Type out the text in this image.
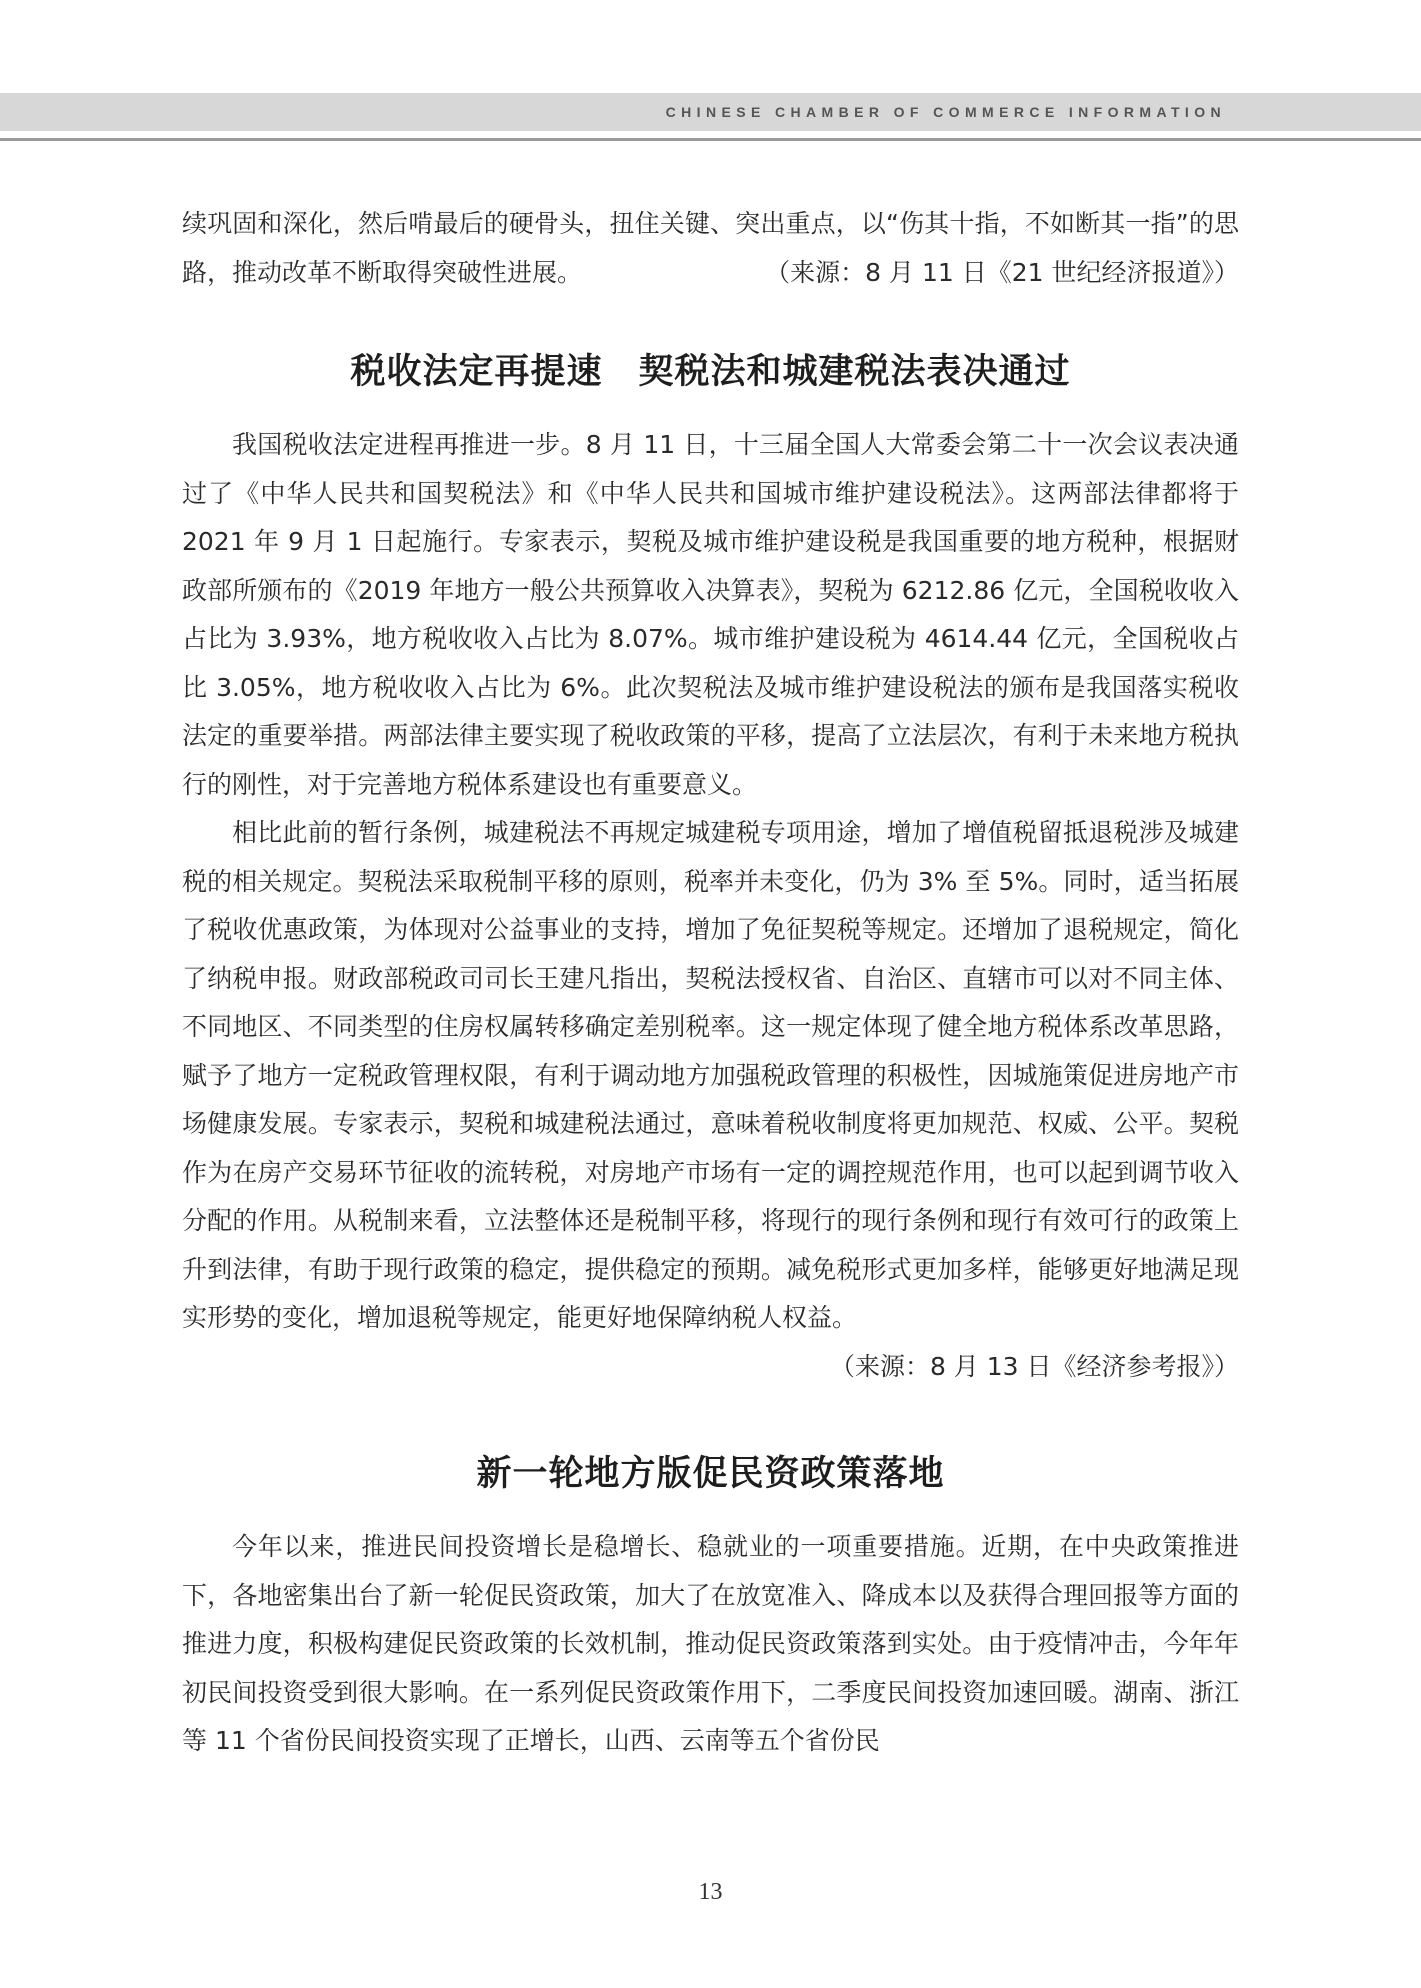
CHINESE CHAMBER OF COMMERCE INFORMATION

续巩固和深化，然后啃最后的硬骨头，扭住关键、突出重点，以“伤其十指，不如断其一指”的思路，推动改革不断取得突破性进展。	（来源：8 月 11 日《21 世纪经济报道》）

税收法定再提速　契税法和城建税法表决通过

我国税收法定进程再推进一步。8 月 11 日，十三届全国人大常委会第二十一次会议表决通过了《中华人民共和国契税法》和《中华人民共和国城市维护建设税法》。这两部法律都将于 2021 年 9 月 1 日起施行。专家表示，契税及城市维护建设税是我国重要的地方税种，根据财政部所颁布的《2019 年地方一般公共预算收入决算表》，契税为 6212.86 亿元，全国税收收入占比为 3.93%，地方税收收入占比为 8.07%。城市维护建设税为 4614.44 亿元，全国税收占比 3.05%，地方税收收入占比为 6%。此次契税法及城市维护建设税法的颁布是我国落实税收法定的重要举措。两部法律主要实现了税收政策的平移，提高了立法层次，有利于未来地方税执行的刚性，对于完善地方税体系建设也有重要意义。

相比此前的暂行条例，城建税法不再规定城建税专项用途，增加了增值税留抵退税涉及城建税的相关规定。契税法采取税制平移的原则，税率并未变化，仍为 3% 至 5%。同时，适当拓展了税收优惠政策，为体现对公益事业的支持，增加了免征契税等规定。还增加了退税规定，简化了纳税申报。财政部税政司司长王建凡指出，契税法授权省、自治区、直辖市可以对不同主体、不同地区、不同类型的住房权属转移确定差别税率。这一规定体现了健全地方税体系改革思路，赋予了地方一定税政管理权限，有利于调动地方加强税政管理的积极性，因城施策促进房地产市场健康发展。专家表示，契税和城建税法通过，意味着税收制度将更加规范、权威、公平。契税作为在房产交易环节征收的流转税，对房地产市场有一定的调控规范作用，也可以起到调节收入分配的作用。从税制来看，立法整体还是税制平移，将现行的现行条例和现行有效可行的政策上升到法律，有助于现行政策的稳定，提供稳定的预期。减免税形式更加多样，能够更好地满足现实形势的变化，增加退税等规定，能更好地保障纳税人权益。
（来源：8 月 13 日《经济参考报》）

新一轮地方版促民资政策落地

今年以来，推进民间投资增长是稳增长、稳就业的一项重要措施。近期，在中央政策推进下，各地密集出台了新一轮促民资政策，加大了在放宽准入、降成本以及获得合理回报等方面的推进力度，积极构建促民资政策的长效机制，推动促民资政策落到实处。由于疫情冲击，今年年初民间投资受到很大影响。在一系列促民资政策作用下，二季度民间投资加速回暖。湖南、浙江等 11 个省份民间投资实现了正增长，山西、云南等五个省份民

13
